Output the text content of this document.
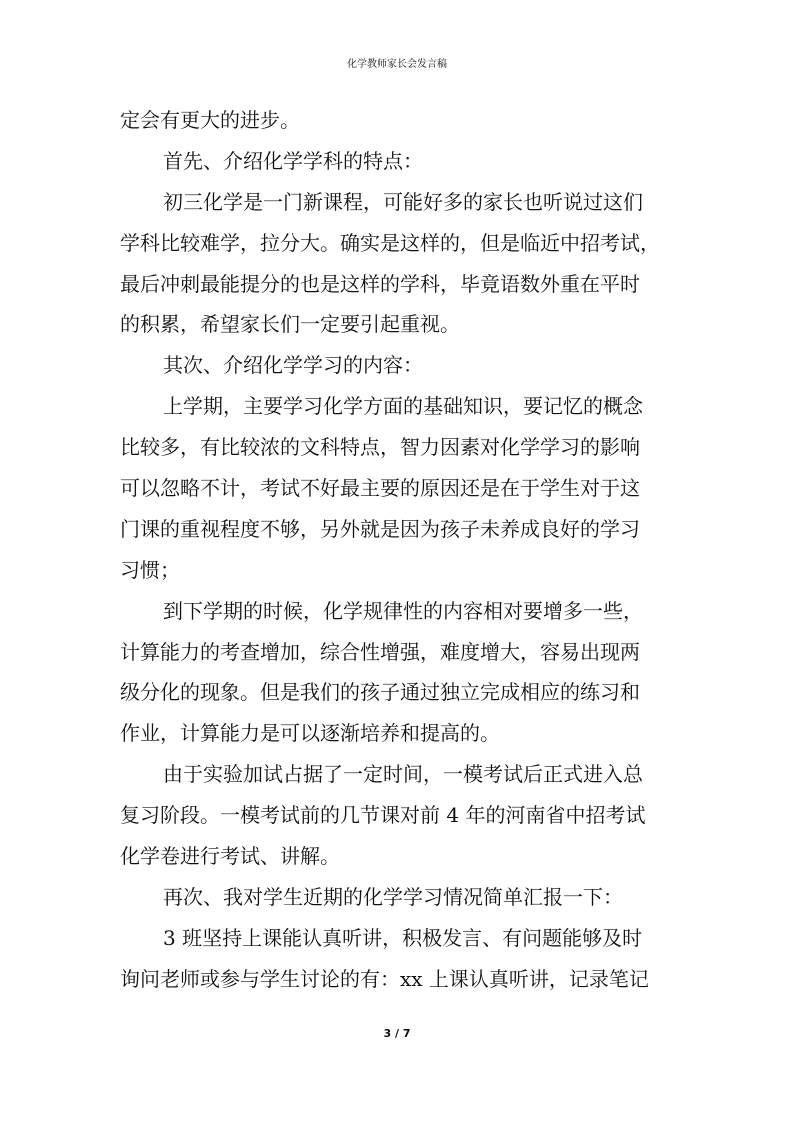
化学教师家长会发言稿
定会有更大的进步。
首先、介绍化学学科的特点：
初三化学是一门新课程，可能好多的家长也听说过这们
学科比较难学，拉分大。确实是这样的，但是临近中招考试，
最后冲刺最能提分的也是这样的学科，毕竟语数外重在平时
的积累，希望家长们一定要引起重视。
其次、介绍化学学习的内容：
上学期，主要学习化学方面的基础知识，要记忆的概念
比较多，有比较浓的文科特点，智力因素对化学学习的影响
可以忽略不计，考试不好最主要的原因还是在于学生对于这
门课的重视程度不够，另外就是因为孩子未养成良好的学习
习惯；
到下学期的时候，化学规律性的内容相对要增多一些，
计算能力的考查增加，综合性增强，难度增大，容易出现两
级分化的现象。但是我们的孩子通过独立完成相应的练习和
作业，计算能力是可以逐渐培养和提高的。
由于实验加试占据了一定时间，一模考试后正式进入总
复习阶段。一模考试前的几节课对前 4 年的河南省中招考试
化学卷进行考试、讲解。
再次、我对学生近期的化学学习情况简单汇报一下：
3 班坚持上课能认真听讲，积极发言、有问题能够及时
询问老师或参与学生讨论的有：xx 上课认真听讲，记录笔记
3 / 7
